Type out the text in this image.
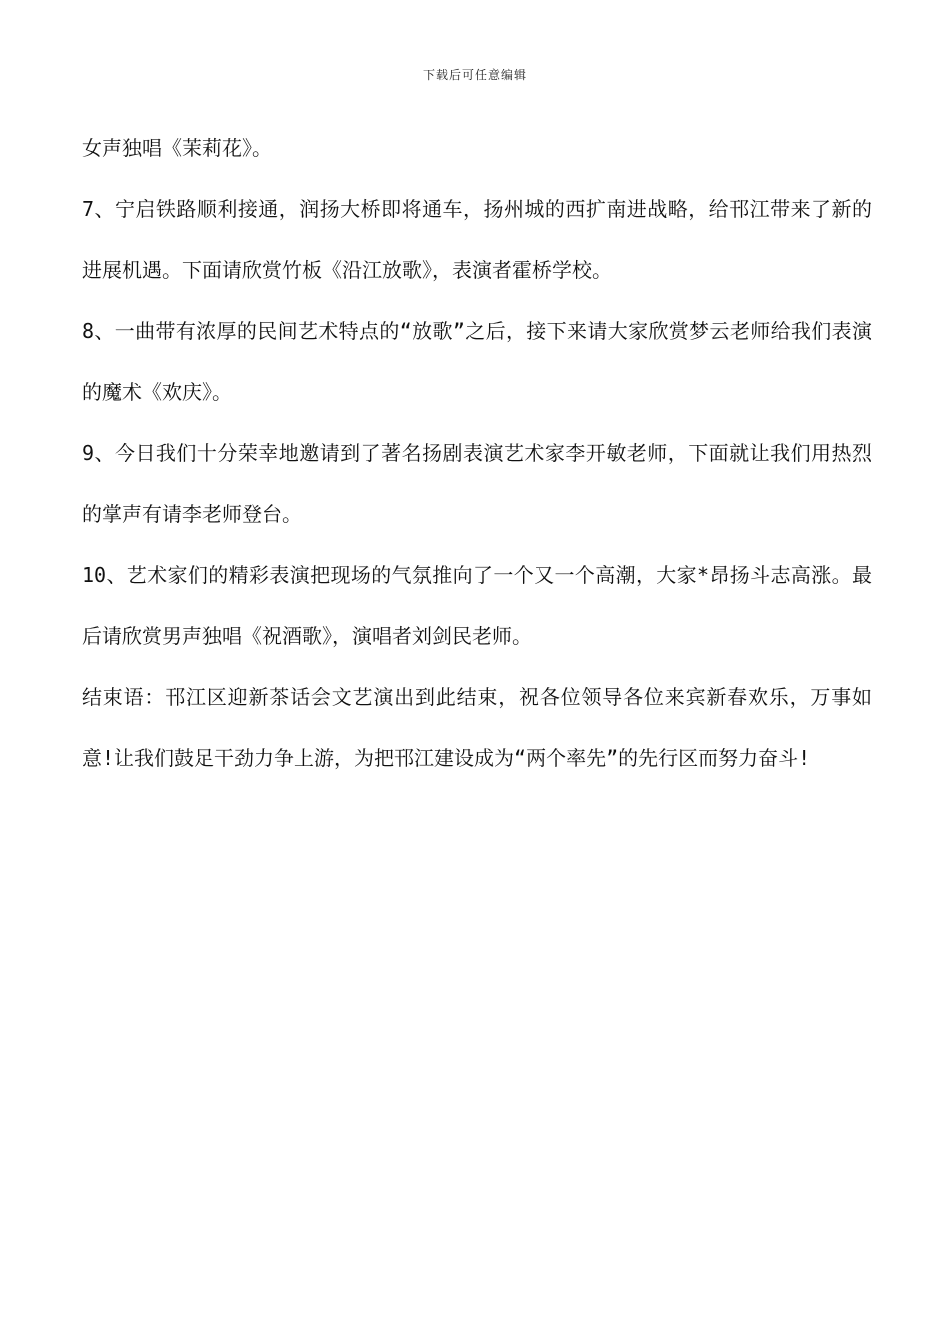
下载后可任意编辑

女声独唱《茉莉花》。

7、宁启铁路顺利接通，润扬大桥即将通车，扬州城的西扩南进战略，给邗江带来了新的进展机遇。下面请欣赏竹板《沿江放歌》，表演者霍桥学校。

8、一曲带有浓厚的民间艺术特点的“放歌”之后，接下来请大家欣赏梦云老师给我们表演的魔术《欢庆》。

9、今日我们十分荣幸地邀请到了著名扬剧表演艺术家李开敏老师，下面就让我们用热烈的掌声有请李老师登台。

10、艺术家们的精彩表演把现场的气氛推向了一个又一个高潮，大家*昂扬斗志高涨。最后请欣赏男声独唱《祝酒歌》，演唱者刘剑民老师。

结束语：邗江区迎新茶话会文艺演出到此结束，祝各位领导各位来宾新春欢乐，万事如意!让我们鼓足干劲力争上游，为把邗江建设成为“两个率先”的先行区而努力奋斗!
